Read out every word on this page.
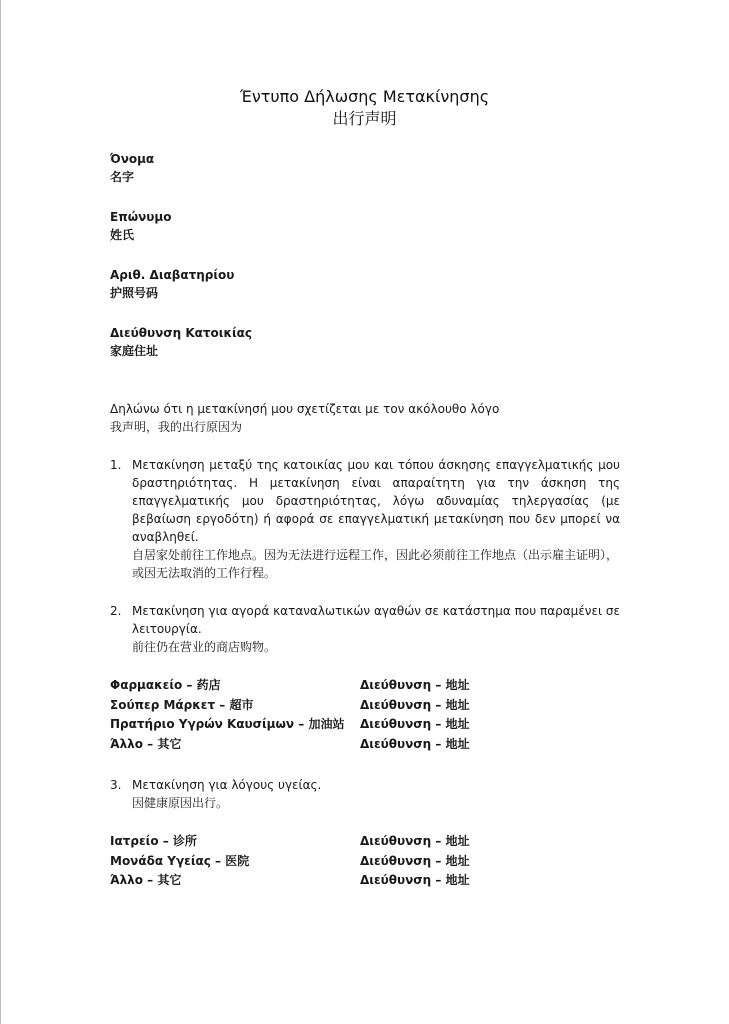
Έντυπο Δήλωσης Μετακίνησης
出行声明
Όνομα
名字
Επώνυμο
姓氏
Αριθ. Διαβατηρίου
护照号码
Διεύθυνση Κατοικίας
家庭住址
Δηλώνω ότι η μετακίνησή μου σχετίζεται με τον ακόλουθο λόγο
我声明，我的出行原因为
1. Μετακίνηση μεταξύ της κατοικίας μου και τόπου άσκησης επαγγελματικής μου δραστηριότητας. Η μετακίνηση είναι απαραίτητη για την άσκηση της επαγγελματικής μου δραστηριότητας, λόγω αδυναμίας τηλεργασίας (με βεβαίωση εργοδότη) ή αφορά σε επαγγελματική μετακίνηση που δεν μπορεί να αναβληθεί.
自居家处前往工作地点。因为无法进行远程工作，因此必须前往工作地点（出示雇主证明），或因无法取消的工作行程。
2. Μετακίνηση για αγορά καταναλωτικών αγαθών σε κατάστημα που παραμένει σε λειτουργία.
前往仍在营业的商店购物。
Φαρμακείο – 药店	Διεύθυνση – 地址
Σούπερ Μάρκετ – 超市	Διεύθυνση – 地址
Πρατήριο Υγρών Καυσίμων – 加油站	Διεύθυνση – 地址
Άλλο – 其它	Διεύθυνση – 地址
3. Μετακίνηση για λόγους υγείας.
因健康原因出行。
Ιατρείο – 诊所	Διεύθυνση – 地址
Μονάδα Υγείας – 医院	Διεύθυνση – 地址
Άλλο – 其它	Διεύθυνση – 地址
